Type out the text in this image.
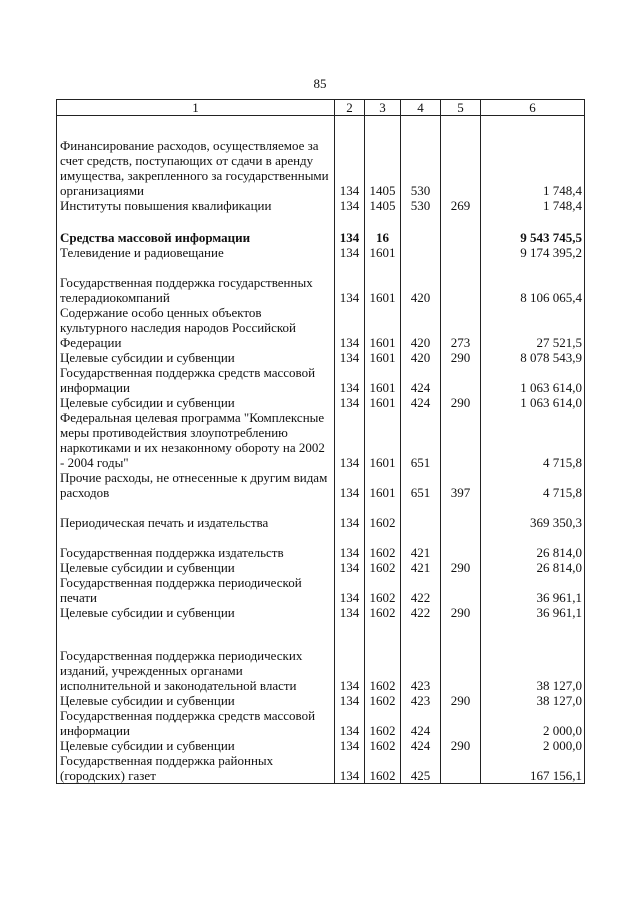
85
1	2	3	4	5	6

Финансирование расходов, осуществляемое за счет средств, поступающих от сдачи в аренду имущества, закрепленного за государственными организациями	134	1405	530		1 748,4
Институты повышения квалификации	134	1405	530	269	1 748,4

Средства массовой информации	134	16			9 543 745,5
Телевидение и радиовещание	134	1601			9 174 395,2

Государственная поддержка государственных телерадиокомпаний	134	1601	420		8 106 065,4
Содержание особо ценных объектов культурного наследия народов Российской Федерации	134	1601	420	273	27 521,5
Целевые субсидии и субвенции	134	1601	420	290	8 078 543,9
Государственная поддержка средств массовой информации	134	1601	424		1 063 614,0
Целевые субсидии и субвенции	134	1601	424	290	1 063 614,0
Федеральная целевая программа "Комплексные меры противодействия злоупотреблению наркотиками и их незаконному обороту на 2002 - 2004 годы"	134	1601	651		4 715,8
Прочие расходы, не отнесенные к другим видам расходов	134	1601	651	397	4 715,8

Периодическая печать и издательства	134	1602			369 350,3

Государственная поддержка издательств	134	1602	421		26 814,0
Целевые субсидии и субвенции	134	1602	421	290	26 814,0
Государственная поддержка периодической печати	134	1602	422		36 961,1
Целевые субсидии и субвенции	134	1602	422	290	36 961,1

Государственная поддержка периодических изданий, учрежденных органами исполнительной и законодательной власти	134	1602	423		38 127,0
Целевые субсидии и субвенции	134	1602	423	290	38 127,0
Государственная поддержка средств массовой информации	134	1602	424		2 000,0
Целевые субсидии и субвенции	134	1602	424	290	2 000,0
Государственная поддержка районных (городских) газет	134	1602	425		167 156,1
